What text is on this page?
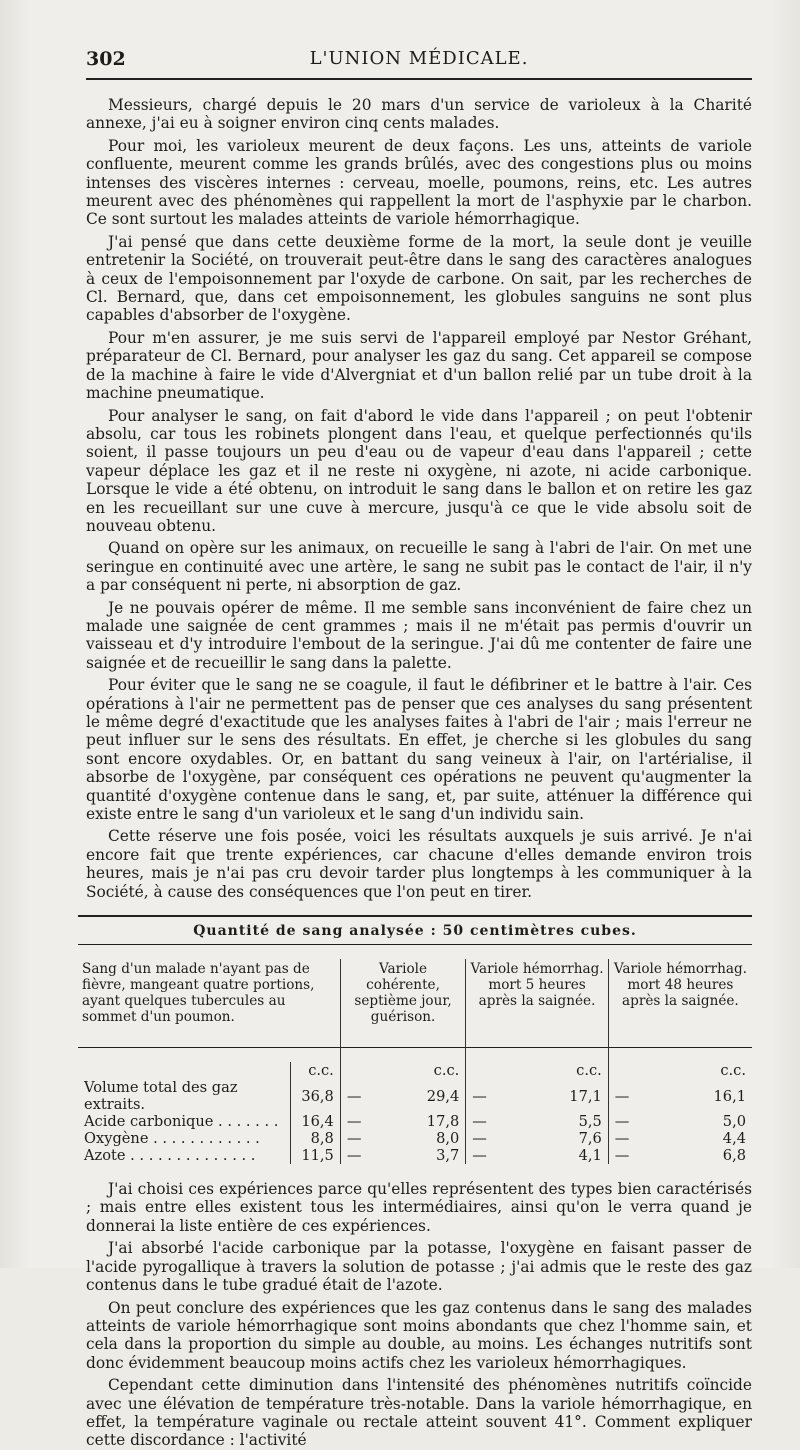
302	L'UNION MÉDICALE.

Messieurs, chargé depuis le 20 mars d'un service de varioleux à la Charité annexe, j'ai eu à soigner environ cinq cents malades.

Pour moi, les varioleux meurent de deux façons. Les uns, atteints de variole confluente, meurent comme les grands brûlés, avec des congestions plus ou moins intenses des viscères internes : cerveau, moelle, poumons, reins, etc. Les autres meurent avec des phénomènes qui rappellent la mort de l'asphyxie par le charbon. Ce sont surtout les malades atteints de variole hémorrhagique.

J'ai pensé que dans cette deuxième forme de la mort, la seule dont je veuille entretenir la Société, on trouverait peut-être dans le sang des caractères analogues à ceux de l'empoisonnement par l'oxyde de carbone. On sait, par les recherches de Cl. Bernard, que, dans cet empoisonnement, les globules sanguins ne sont plus capables d'absorber de l'oxygène.

Pour m'en assurer, je me suis servi de l'appareil employé par Nestor Gréhant, préparateur de Cl. Bernard, pour analyser les gaz du sang. Cet appareil se compose de la machine à faire le vide d'Alvergniat et d'un ballon relié par un tube droit à la machine pneumatique.

Pour analyser le sang, on fait d'abord le vide dans l'appareil ; on peut l'obtenir absolu, car tous les robinets plongent dans l'eau, et quelque perfectionnés qu'ils soient, il passe toujours un peu d'eau ou de vapeur d'eau dans l'appareil ; cette vapeur déplace les gaz et il ne reste ni oxygène, ni azote, ni acide carbonique. Lorsque le vide a été obtenu, on introduit le sang dans le ballon et on retire les gaz en les recueillant sur une cuve à mercure, jusqu'à ce que le vide absolu soit de nouveau obtenu.

Quand on opère sur les animaux, on recueille le sang à l'abri de l'air. On met une seringue en continuité avec une artère, le sang ne subit pas le contact de l'air, il n'y a par conséquent ni perte, ni absorption de gaz.

Je ne pouvais opérer de même. Il me semble sans inconvénient de faire chez un malade une saignée de cent grammes ; mais il ne m'était pas permis d'ouvrir un vaisseau et d'y introduire l'embout de la seringue. J'ai dû me contenter de faire une saignée et de recueillir le sang dans la palette.

Pour éviter que le sang ne se coagule, il faut le défibriner et le battre à l'air. Ces opérations à l'air ne permettent pas de penser que ces analyses du sang présentent le même degré d'exactitude que les analyses faites à l'abri de l'air ; mais l'erreur ne peut influer sur le sens des résultats. En effet, je cherche si les globules du sang sont encore oxydables. Or, en battant du sang veineux à l'air, on l'artérialise, il absorbe de l'oxygène, par conséquent ces opérations ne peuvent qu'augmenter la quantité d'oxygène contenue dans le sang, et, par suite, atténuer la différence qui existe entre le sang d'un varioleux et le sang d'un individu sain.

Cette réserve une fois posée, voici les résultats auxquels je suis arrivé. Je n'ai encore fait que trente expériences, car chacune d'elles demande environ trois heures, mais je n'ai pas cru devoir tarder plus longtemps à les communiquer à la Société, à cause des conséquences que l'on peut en tirer.

Quantité de sang analysée : 50 centimètres cubes.
Sang d'un malade n'ayant pas de fièvre, mangeant quatre portions, ayant quelques tubercules au sommet d'un poumon.		Variole cohérente, septième jour, guérison.	Variole hémorrhag. mort 5 heures après la saignée.	Variole hémorrhag. mort 48 heures après la saignée.

	c.c.	c.c.	c.c.	c.c.
Volume total des gaz extraits.	36,8	— 29,4	— 17,1	— 16,1

Acide carbonique . . . . . . .	16,4	— 17,8	— 5,5	— 5,0

Oxygène . . . . . . . . . . . .	8,8	— 8,0	— 7,6	— 4,4

Azote . . . . . . . . . . . . . .	11,5	— 3,7	— 4,1	— 6,8

J'ai choisi ces expériences parce qu'elles représentent des types bien caractérisés ; mais entre elles existent tous les intermédiaires, ainsi qu'on le verra quand je donnerai la liste entière de ces expériences.

J'ai absorbé l'acide carbonique par la potasse, l'oxygène en faisant passer de l'acide pyrogallique à travers la solution de potasse ; j'ai admis que le reste des gaz contenus dans le tube gradué était de l'azote.

On peut conclure des expériences que les gaz contenus dans le sang des malades atteints de variole hémorrhagique sont moins abondants que chez l'homme sain, et cela dans la proportion du simple au double, au moins. Les échanges nutritifs sont donc évidemment beaucoup moins actifs chez les varioleux hémorrhagiques.

Cependant cette diminution dans l'intensité des phénomènes nutritifs coïncide avec une élévation de température très-notable. Dans la variole hémorrhagique, en effet, la température vaginale ou rectale atteint souvent 41°. Comment expliquer cette discordance : l'activité
